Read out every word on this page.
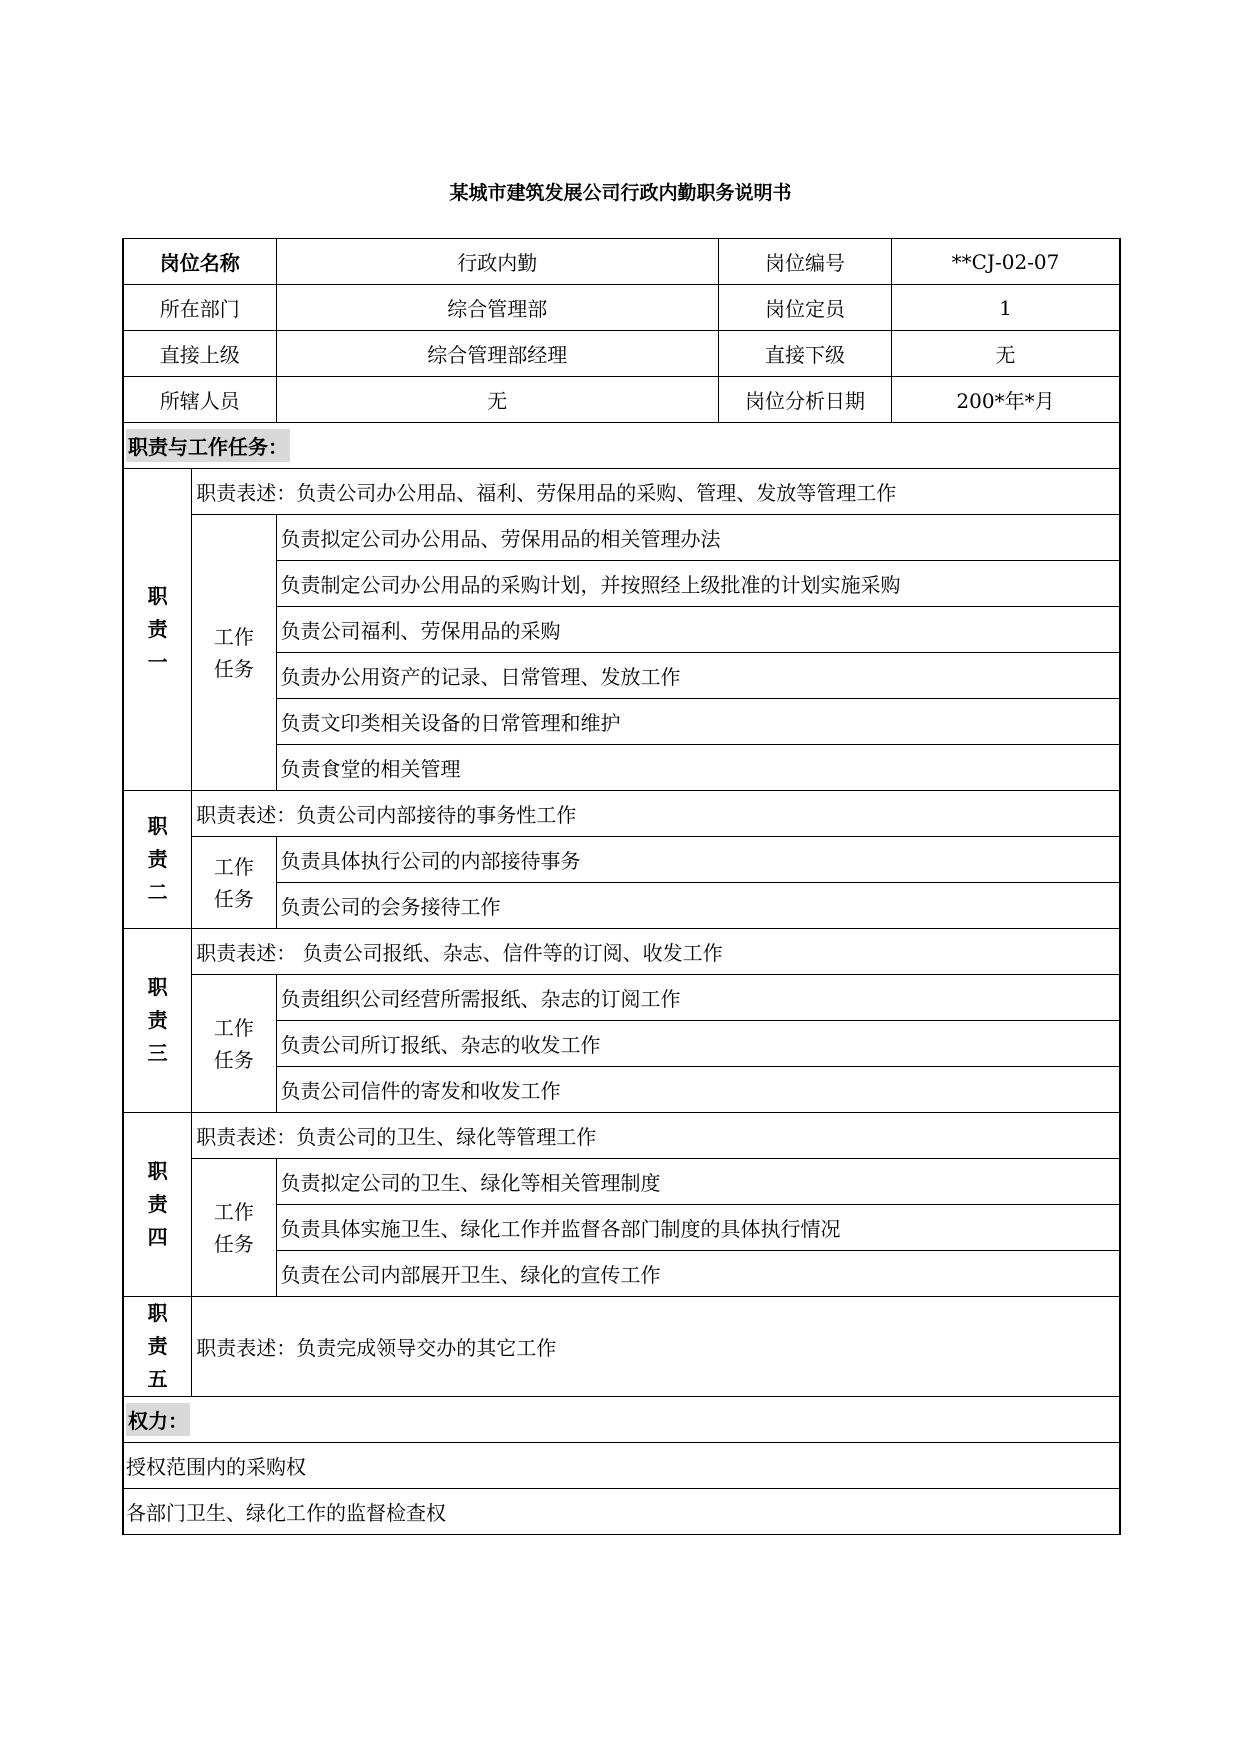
某城市建筑发展公司行政内勤职务说明书
岗位名称		行政内勤	岗位编号	**CJ-02-07
所在部门		综合管理部	岗位定员	1
直接上级		综合管理部经理	直接下级	无
所辖人员		无	岗位分析日期	200*年*月
职责与工作任务：				

职
责
一	职责表述：负责公司办公用品、福利、劳保用品的采购、管理、发放等管理工作			

	工作
任务	负责拟定公司办公用品、劳保用品的相关管理办法		
		负责制定公司办公用品的采购计划，并按照经上级批准的计划实施采购		
		负责公司福利、劳保用品的采购		
		负责办公用资产的记录、日常管理、发放工作		
		负责文印类相关设备的日常管理和维护		
		负责食堂的相关管理		

职
责
二	职责表述：负责公司内部接待的事务性工作			

	工作
任务	负责具体执行公司的内部接待事务		
		负责公司的会务接待工作		

职
责
三	职责表述： 负责公司报纸、杂志、信件等的订阅、收发工作			

	工作
任务	负责组织公司经营所需报纸、杂志的订阅工作		
		负责公司所订报纸、杂志的收发工作		
		负责公司信件的寄发和收发工作		

职
责
四	职责表述：负责公司的卫生、绿化等管理工作			

	工作
任务	负责拟定公司的卫生、绿化等相关管理制度		
		负责具体实施卫生、绿化工作并监督各部门制度的具体执行情况		
		负责在公司内部展开卫生、绿化的宣传工作		

职
责
五	职责表述：负责完成领导交办的其它工作			
权力：				
授权范围内的采购权				
各部门卫生、绿化工作的监督检查权				
